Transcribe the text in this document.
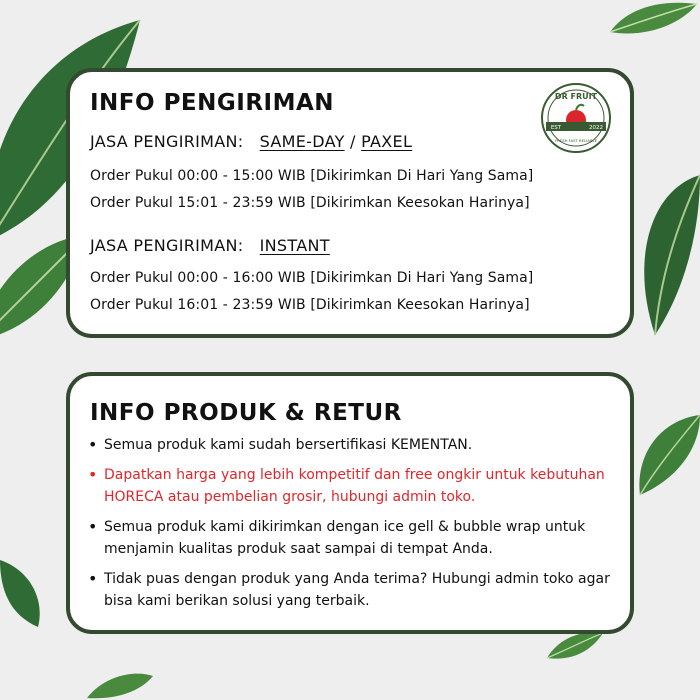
INFO PENGIRIMAN
JASA PENGIRIMAN: SAME-DAY / PAXEL
Order Pukul 00:00 - 15:00 WIB [Dikirimkan Di Hari Yang Sama]
Order Pukul 15:01 - 23:59 WIB [Dikirimkan Keesokan Harinya]
JASA PENGIRIMAN: INSTANT
Order Pukul 00:00 - 16:00 WIB [Dikirimkan Di Hari Yang Sama]
Order Pukul 16:01 - 23:59 WIB [Dikirimkan Keesokan Harinya]
DR FRUIT
EST	2022
FRESH FAST RELIABLE
INFO PRODUK & RETUR
• Semua produk kami sudah bersertifikasi KEMENTAN.
• Dapatkan harga yang lebih kompetitif dan free ongkir untuk kebutuhan HORECA atau pembelian grosir, hubungi admin toko.
• Semua produk kami dikirimkan dengan ice gell & bubble wrap untuk menjamin kualitas produk saat sampai di tempat Anda.
• Tidak puas dengan produk yang Anda terima? Hubungi admin toko agar bisa kami berikan solusi yang terbaik.
